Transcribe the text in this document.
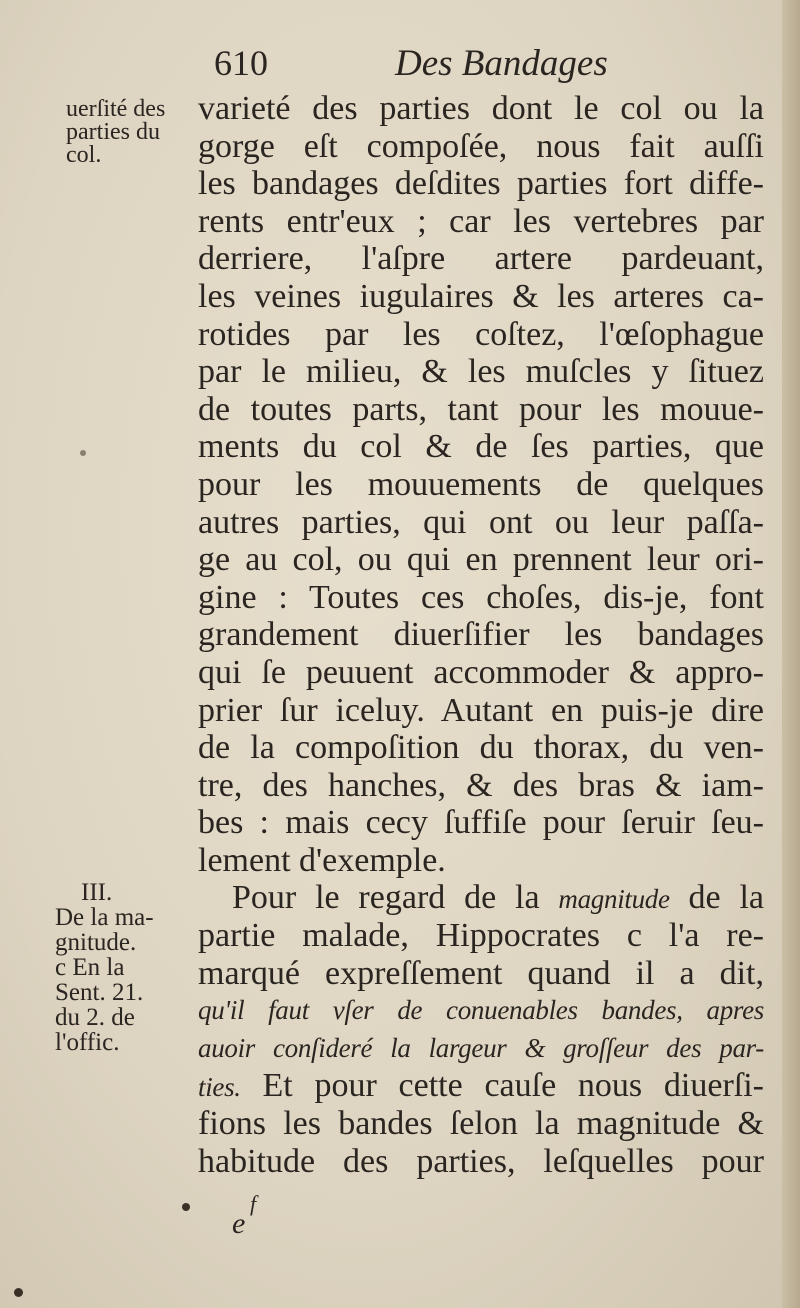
610	Des Bandages
uerſité des
parties du
col.
III.
De la ma-
gnitude.
c En la
Sent. 21.
du 2. de
l'offic.
varieté des parties dont le col ou la
gorge eſt compoſée, nous fait auſſi
les bandages deſdites parties fort diffe-
rents entr'eux ; car les vertebres par
derriere, l'aſpre artere pardeuant,
les veines iugulaires & les arteres ca-
rotides par les coſtez, l'œſophague
par le milieu, & les muſcles y ſituez
de toutes parts, tant pour les mouue-
ments du col & de ſes parties, que
pour les mouuements de quelques
autres parties, qui ont ou leur paſſa-
ge au col, ou qui en prennent leur ori-
gine : Toutes ces choſes, dis-je, font
grandement diuerſifier les bandages
qui ſe peuuent accommoder & appro-
prier ſur iceluy. Autant en puis-je dire
de la compoſition du thorax, du ven-
tre, des hanches, & des bras & iam-
bes : mais cecy ſuffiſe pour ſeruir ſeu-
lement d'exemple.
Pour le regard de la magnitude de la
partie malade, Hippocrates c l'a re-
marqué expreſſement quand il a dit,
qu'il faut vſer de conuenables bandes, apres
auoir conſideré la largeur & groſſeur des par-
ties. Et pour cette cauſe nous diuerſi-
fions les bandes ſelon la magnitude &
habitude des parties, leſquelles pour
f
e
